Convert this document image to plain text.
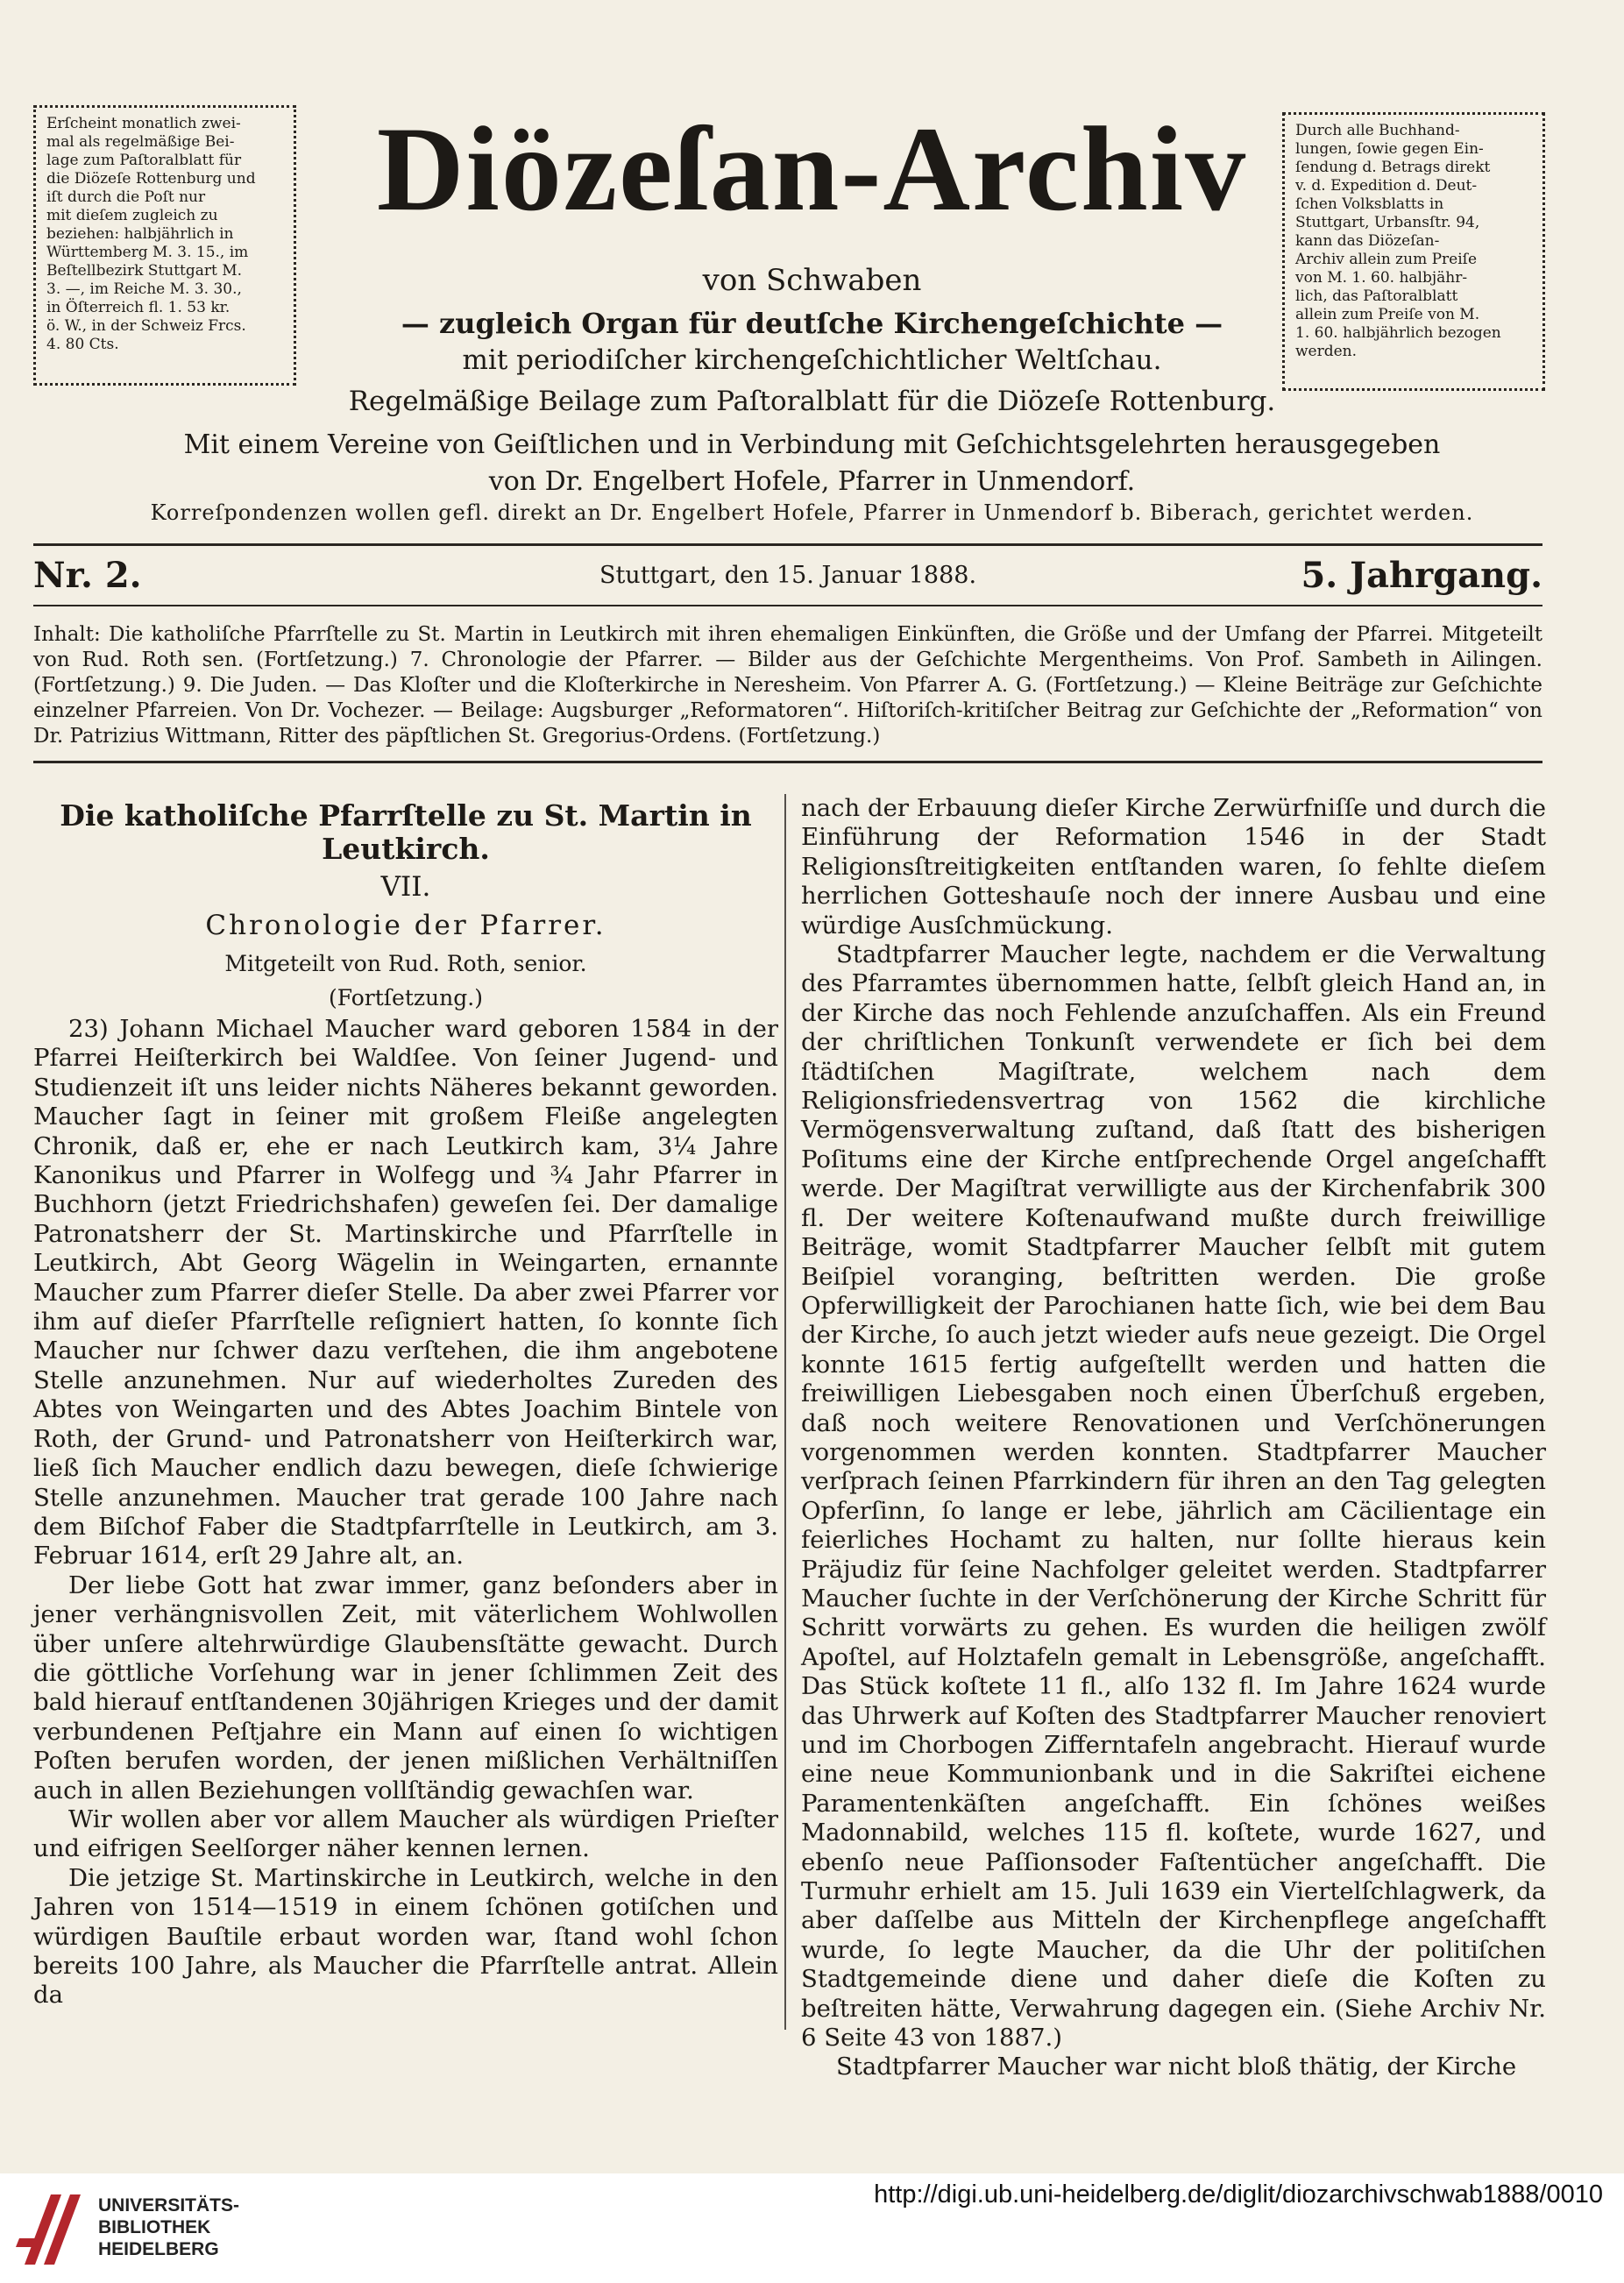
Erſcheint monatlich zwei-
mal als regelmäßige Bei-
lage zum Paſtoralblatt für
die Diözeſe Rottenburg und
iſt durch die Poſt nur
mit dieſem zugleich zu
beziehen: halbjährlich in
Württemberg M. 3. 15., im
Beſtellbezirk Stuttgart M.
3. —, im Reiche M. 3. 30.,
in Öſterreich fl. 1. 53 kr.
ö. W., in der Schweiz Frcs.
4. 80 Cts.
Durch alle Buchhand-
lungen, ſowie gegen Ein-
ſendung d. Betrags direkt
v. d. Expedition d. Deut-
ſchen Volksblatts in
Stuttgart, Urbansſtr. 94,
kann das Diözeſan-
Archiv allein zum Preiſe
von M. 1. 60. halbjähr-
lich, das Paſtoralblatt
allein zum Preiſe von M.
1. 60. halbjährlich bezogen
werden.
Diözeſan-Archiv
von Schwaben
— zugleich Organ für deutſche Kirchengeſchichte —
mit periodiſcher kirchengeſchichtlicher Weltſchau.
Regelmäßige Beilage zum Paſtoralblatt für die Diözeſe Rottenburg.
Mit einem Vereine von Geiſtlichen und in Verbindung mit Geſchichtsgelehrten herausgegeben
von Dr. Engelbert Hofele, Pfarrer in Unmendorf.
Korreſpondenzen wollen gefl. direkt an Dr. Engelbert Hofele, Pfarrer in Unmendorf b. Biberach, gerichtet werden.
Nr. 2.	Stuttgart, den 15. Januar 1888.	5. Jahrgang.
Inhalt: Die katholiſche Pfarrſtelle zu St. Martin in Leutkirch mit ihren ehemaligen Einkünften, die Größe und der Umfang der Pfarrei. Mitgeteilt von Rud. Roth sen. (Fortſetzung.) 7. Chronologie der Pfarrer. — Bilder aus der Geſchichte Mergentheims. Von Prof. Sambeth in Ailingen. (Fortſetzung.) 9. Die Juden. — Das Kloſter und die Kloſterkirche in Neresheim. Von Pfarrer A. G. (Fortſetzung.) — Kleine Beiträge zur Geſchichte einzelner Pfarreien. Von Dr. Vochezer. — Beilage: Augsburger „Reformatoren“. Hiſtoriſch-kritiſcher Beitrag zur Geſchichte der „Reformation“ von Dr. Patrizius Wittmann, Ritter des päpſtlichen St. Gregorius-Ordens. (Fortſetzung.)
Die katholiſche Pfarrſtelle zu St. Martin in Leutkirch.
VII.
Chronologie der Pfarrer.
Mitgeteilt von Rud. Roth, senior.
(Fortſetzung.)

23) Johann Michael Maucher ward geboren 1584 in der Pfarrei Heiſterkirch bei Waldſee. Von ſeiner Jugend- und Studienzeit iſt uns leider nichts Näheres bekannt geworden. Maucher ſagt in ſeiner mit großem Fleiße angelegten Chronik, daß er, ehe er nach Leutkirch kam, 3¼ Jahre Kanonikus und Pfarrer in Wolfegg und ¾ Jahr Pfarrer in Buchhorn (jetzt Friedrichshafen) geweſen ſei. Der damalige Patronatsherr der St. Martinskirche und Pfarrſtelle in Leutkirch, Abt Georg Wägelin in Weingarten, ernannte Maucher zum Pfarrer dieſer Stelle. Da aber zwei Pfarrer vor ihm auf dieſer Pfarrſtelle reſigniert hatten, ſo konnte ſich Maucher nur ſchwer dazu verſtehen, die ihm angebotene Stelle anzunehmen. Nur auf wiederholtes Zureden des Abtes von Weingarten und des Abtes Joachim Bintele von Roth, der Grund- und Patronatsherr von Heiſterkirch war, ließ ſich Maucher endlich dazu bewegen, dieſe ſchwierige Stelle anzunehmen. Maucher trat gerade 100 Jahre nach dem Biſchof Faber die Stadtpfarrſtelle in Leutkirch, am 3. Februar 1614, erſt 29 Jahre alt, an.

Der liebe Gott hat zwar immer, ganz beſonders aber in jener verhängnisvollen Zeit, mit väterlichem Wohlwollen über unſere altehrwürdige Glaubensſtätte gewacht. Durch die göttliche Vorſehung war in jener ſchlimmen Zeit des bald hierauf entſtandenen 30jährigen Krieges und der damit verbundenen Peſtjahre ein Mann auf einen ſo wichtigen Poſten berufen worden, der jenen mißlichen Verhältniſſen auch in allen Beziehungen vollſtändig gewachſen war.

Wir wollen aber vor allem Maucher als würdigen Prieſter und eifrigen Seelſorger näher kennen lernen.

Die jetzige St. Martinskirche in Leutkirch, welche in den Jahren von 1514—1519 in einem ſchönen gotiſchen und würdigen Bauſtile erbaut worden war, ſtand wohl ſchon bereits 100 Jahre, als Maucher die Pfarrſtelle antrat. Allein da

nach der Erbauung dieſer Kirche Zerwürfniſſe und durch die Einführung der Reformation 1546 in der Stadt Religionsſtreitigkeiten entſtanden waren, ſo fehlte dieſem herrlichen Gotteshauſe noch der innere Ausbau und eine würdige Ausſchmückung.

Stadtpfarrer Maucher legte, nachdem er die Verwaltung des Pfarramtes übernommen hatte, ſelbſt gleich Hand an, in der Kirche das noch Fehlende anzuſchaffen. Als ein Freund der chriſtlichen Tonkunſt verwendete er ſich bei dem ſtädtiſchen Magiſtrate, welchem nach dem Religionsfriedensvertrag von 1562 die kirchliche Vermögensverwaltung zuſtand, daß ſtatt des bisherigen Poſitums eine der Kirche entſprechende Orgel angeſchafft werde. Der Magiſtrat verwilligte aus der Kirchenfabrik 300 fl. Der weitere Koſtenaufwand mußte durch freiwillige Beiträge, womit Stadtpfarrer Maucher ſelbſt mit gutem Beiſpiel voranging, beſtritten werden. Die große Opferwilligkeit der Parochianen hatte ſich, wie bei dem Bau der Kirche, ſo auch jetzt wieder aufs neue gezeigt. Die Orgel konnte 1615 fertig aufgeſtellt werden und hatten die freiwilligen Liebesgaben noch einen Überſchuß ergeben, daß noch weitere Renovationen und Verſchönerungen vorgenommen werden konnten. Stadtpfarrer Maucher verſprach ſeinen Pfarrkindern für ihren an den Tag gelegten Opferſinn, ſo lange er lebe, jährlich am Cäcilientage ein feierliches Hochamt zu halten, nur ſollte hieraus kein Präjudiz für ſeine Nachfolger geleitet werden. Stadtpfarrer Maucher ſuchte in der Verſchönerung der Kirche Schritt für Schritt vorwärts zu gehen. Es wurden die heiligen zwölf Apoſtel, auf Holztafeln gemalt in Lebensgröße, angeſchafft. Das Stück koſtete 11 fl., alſo 132 fl. Im Jahre 1624 wurde das Uhrwerk auf Koſten des Stadtpfarrer Maucher renoviert und im Chorbogen Zifferntafeln angebracht. Hierauf wurde eine neue Kommunionbank und in die Sakriſtei eichene Paramentenkäſten angeſchafft. Ein ſchönes weißes Madonnabild, welches 115 fl. koſtete, wurde 1627, und ebenſo neue Paſſionsoder Faſtentücher angeſchafft. Die Turmuhr erhielt am 15. Juli 1639 ein Viertelſchlagwerk, da aber daſſelbe aus Mitteln der Kirchenpflege angeſchafft wurde, ſo legte Maucher, da die Uhr der politiſchen Stadtgemeinde diene und daher dieſe die Koſten zu beſtreiten hätte, Verwahrung dagegen ein. (Siehe Archiv Nr. 6 Seite 43 von 1887.)

Stadtpfarrer Maucher war nicht bloß thätig, der Kirche

UNIVERSITÄTS-
BIBLIOTHEK
HEIDELBERG
http://digi.ub.uni-heidelberg.de/diglit/diozarchivschwab1888/0010
